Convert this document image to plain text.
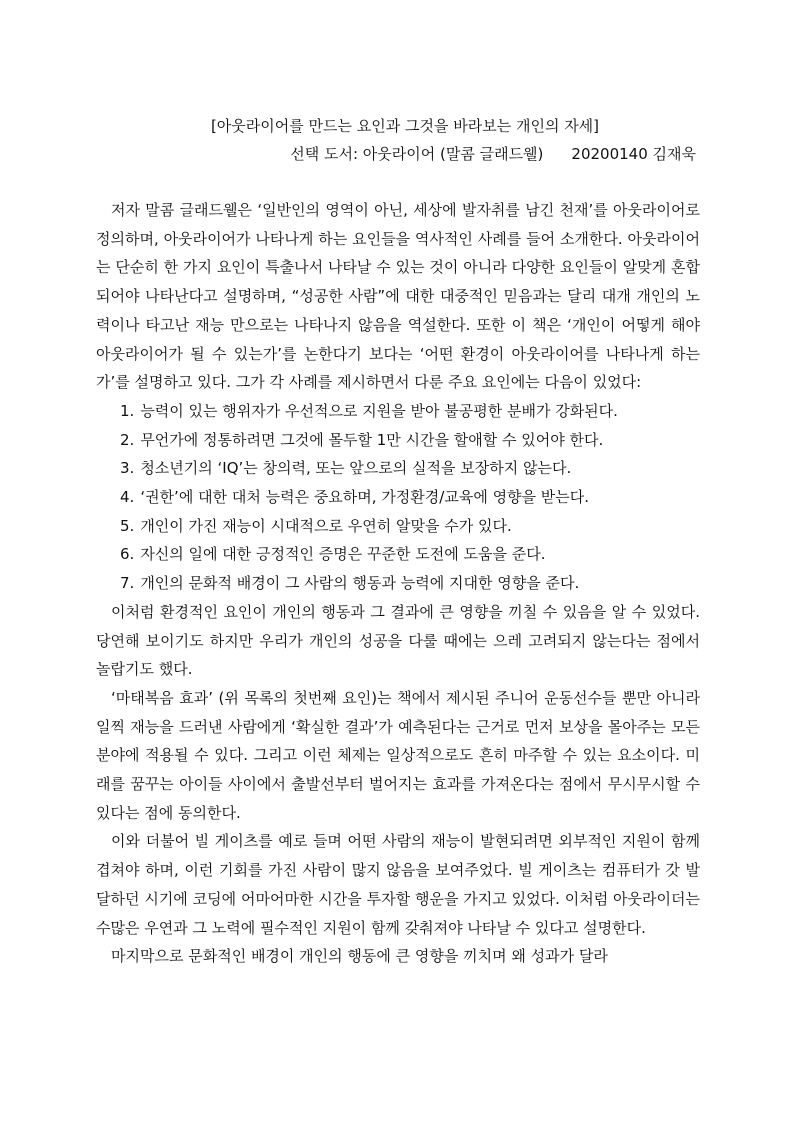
[아웃라이어를 만드는 요인과 그것을 바라보는 개인의 자세]
선택 도서: 아웃라이어 (말콤 글래드웰) 20200140 김재욱

저자 말콤 글래드웰은 ‘일반인의 영역이 아닌, 세상에 발자취를 남긴 천재’를 아웃라이어로 정의하며, 아웃라이어가 나타나게 하는 요인들을 역사적인 사례를 들어 소개한다. 아웃라이어는 단순히 한 가지 요인이 특출나서 나타날 수 있는 것이 아니라 다양한 요인들이 알맞게 혼합되어야 나타난다고 설명하며, “성공한 사람”에 대한 대중적인 믿음과는 달리 대개 개인의 노력이나 타고난 재능 만으로는 나타나지 않음을 역설한다. 또한 이 책은 ‘개인이 어떻게 해야 아웃라이어가 될 수 있는가’를 논한다기 보다는 ‘어떤 환경이 아웃라이어를 나타나게 하는가’를 설명하고 있다. 그가 각 사례를 제시하면서 다룬 주요 요인에는 다음이 있었다:

1. 능력이 있는 행위자가 우선적으로 지원을 받아 불공평한 분배가 강화된다.
2. 무언가에 정통하려면 그것에 몰두할 1만 시간을 할애할 수 있어야 한다.
3. 청소년기의 ‘IQ’는 창의력, 또는 앞으로의 실적을 보장하지 않는다.
4. ‘권한’에 대한 대처 능력은 중요하며, 가정환경/교육에 영향을 받는다.
5. 개인이 가진 재능이 시대적으로 우연히 알맞을 수가 있다.
6. 자신의 일에 대한 긍정적인 증명은 꾸준한 도전에 도움을 준다.
7. 개인의 문화적 배경이 그 사람의 행동과 능력에 지대한 영향을 준다.

이처럼 환경적인 요인이 개인의 행동과 그 결과에 큰 영향을 끼칠 수 있음을 알 수 있었다. 당연해 보이기도 하지만 우리가 개인의 성공을 다룰 때에는 으레 고려되지 않는다는 점에서 놀랍기도 했다.

‘마태복음 효과’ (위 목록의 첫번째 요인)는 책에서 제시된 주니어 운동선수들 뿐만 아니라 일찍 재능을 드러낸 사람에게 ‘확실한 결과’가 예측된다는 근거로 먼저 보상을 몰아주는 모든 분야에 적용될 수 있다. 그리고 이런 체제는 일상적으로도 흔히 마주할 수 있는 요소이다. 미래를 꿈꾸는 아이들 사이에서 출발선부터 벌어지는 효과를 가져온다는 점에서 무시무시할 수 있다는 점에 동의한다.

이와 더불어 빌 게이츠를 예로 들며 어떤 사람의 재능이 발현되려면 외부적인 지원이 함께 겹쳐야 하며, 이런 기회를 가진 사람이 많지 않음을 보여주었다. 빌 게이츠는 컴퓨터가 갓 발달하던 시기에 코딩에 어마어마한 시간을 투자할 행운을 가지고 있었다. 이처럼 아웃라이더는 수많은 우연과 그 노력에 필수적인 지원이 함께 갖춰져야 나타날 수 있다고 설명한다.

마지막으로 문화적인 배경이 개인의 행동에 큰 영향을 끼치며 왜 성과가 달라
